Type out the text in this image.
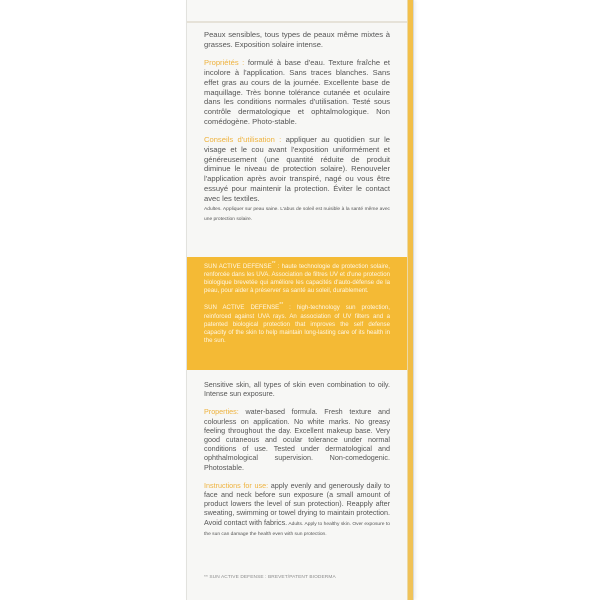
Peaux sensibles, tous types de peaux même mixtes à grasses. Exposition solaire intense.

Propriétés : formulé à base d'eau. Texture fraîche et incolore à l'application. Sans traces blanches. Sans effet gras au cours de la journée. Excellente base de maquillage. Très bonne tolérance cutanée et oculaire dans les conditions normales d'utilisation. Testé sous contrôle dermatologique et ophtalmologique. Non comédogène. Photo-stable.

Conseils d'utilisation : appliquer au quotidien sur le visage et le cou avant l'exposition uniformément et généreusement (une quantité réduite de produit diminue le niveau de protection solaire). Renouveler l'application après avoir transpiré, nagé ou vous être essuyé pour maintenir la protection. Éviter le contact avec les textiles.
Adultes. Appliquer sur peau saine. L'abus de soleil est nuisible à la santé même avec une protection solaire.

SUN ACTIVE DEFENSE** : haute technologie de protection solaire, renforcée dans les UVA. Association de filtres UV et d'une protection biologique brevetée qui améliore les capacités d'auto-défense de la peau, pour aider à préserver sa santé au soleil, durablement.

SUN ACTIVE DEFENSE** : high-technology sun protection, reinforced against UVA rays. An association of UV filters and a patented biological protection that improves the self defense capacity of the skin to help maintain long-lasting care of its health in the sun.

Sensitive skin, all types of skin even combination to oily. Intense sun exposure.

Properties: water-based formula. Fresh texture and colourless on application. No white marks. No greasy feeling throughout the day. Excellent makeup base. Very good cutaneous and ocular tolerance under normal conditions of use. Tested under dermatological and ophthalmological supervision. Non-comedogenic. Photostable.

Instructions for use: apply evenly and generously daily to face and neck before sun exposure (a small amount of product lowers the level of sun protection). Reapply after sweating, swimming or towel drying to maintain protection. Avoid contact with fabrics. Adults. Apply to healthy skin. Over exposure to the sun can damage the health even with sun protection.

** SUN ACTIVE DEFENSE : BREVET/PATENT BIODERMA
